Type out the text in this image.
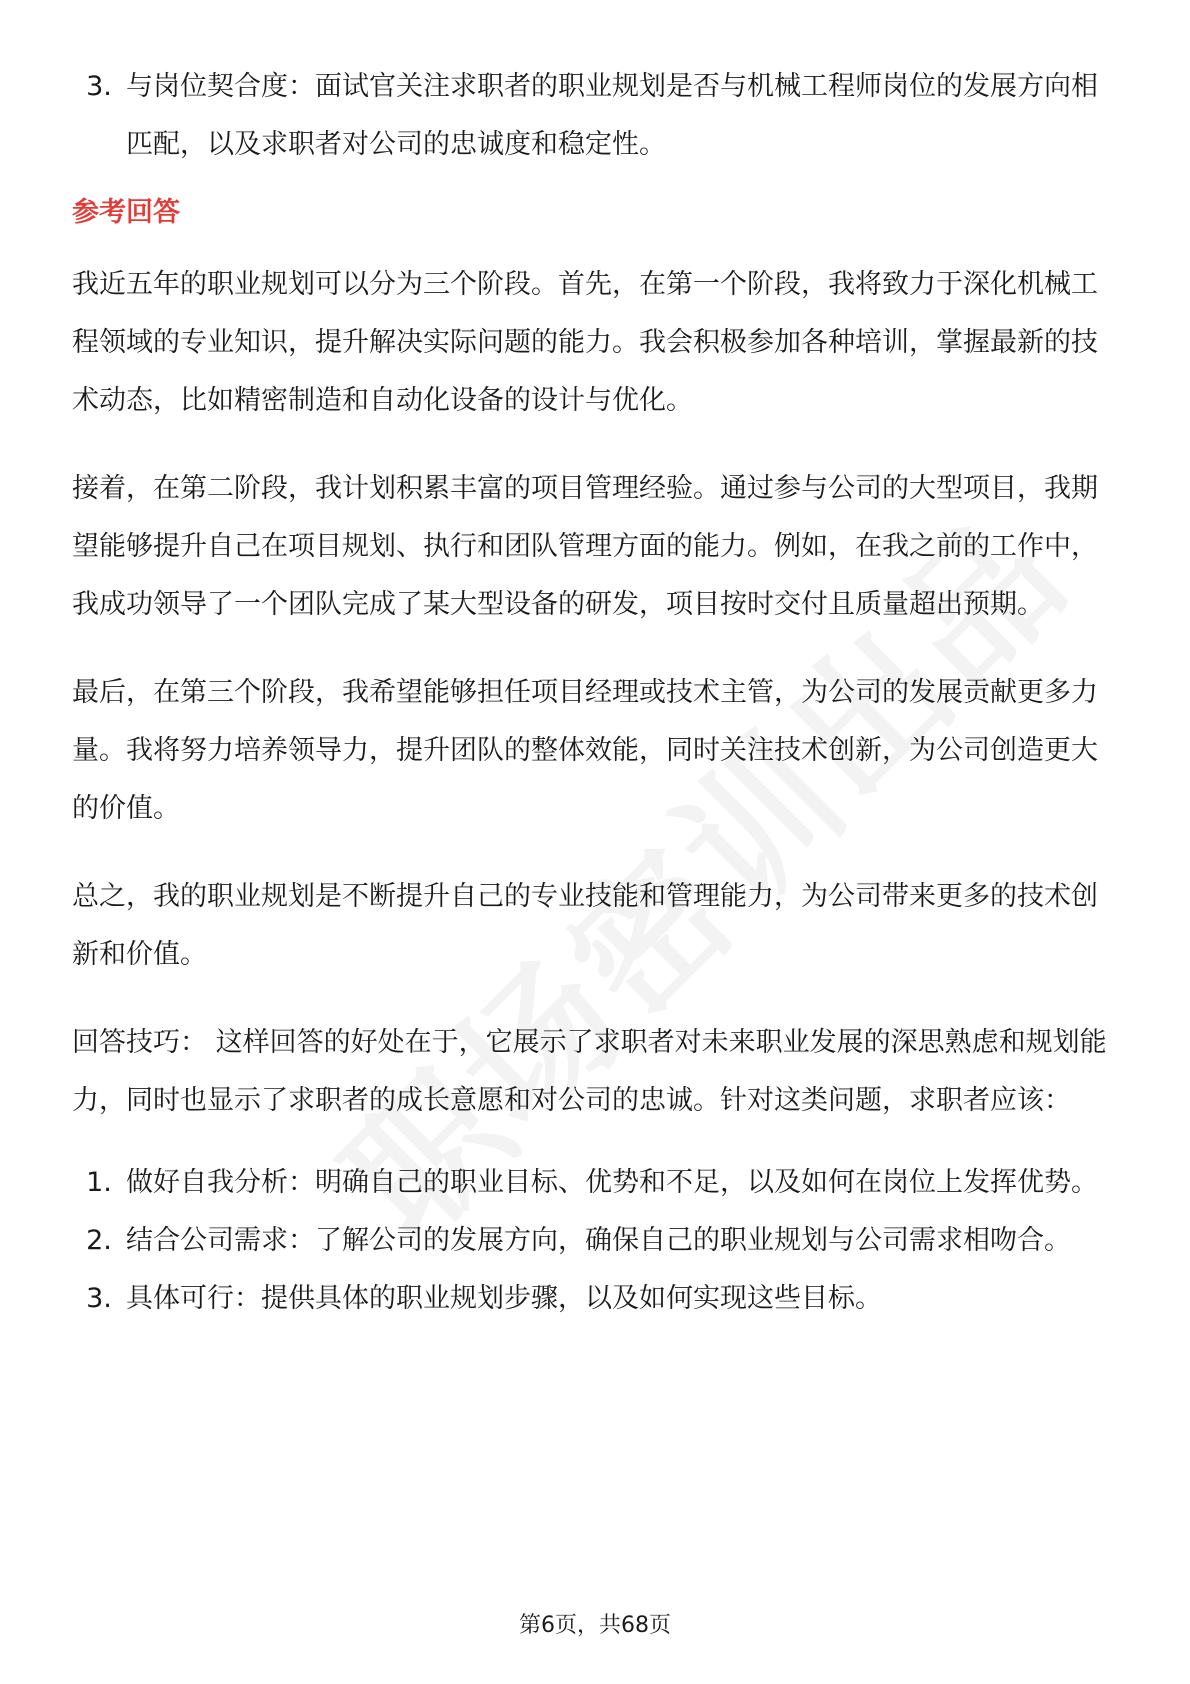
3. 与岗位契合度：面试官关注求职者的职业规划是否与机械工程师岗位的发展方向相匹配，以及求职者对公司的忠诚度和稳定性。
参考回答
我近五年的职业规划可以分为三个阶段。首先，在第一个阶段，我将致力于深化机械工程领域的专业知识，提升解决实际问题的能力。我会积极参加各种培训，掌握最新的技术动态，比如精密制造和自动化设备的设计与优化。
接着，在第二阶段，我计划积累丰富的项目管理经验。通过参与公司的大型项目，我期望能够提升自己在项目规划、执行和团队管理方面的能力。例如，在我之前的工作中，我成功领导了一个团队完成了某大型设备的研发，项目按时交付且质量超出预期。
最后，在第三个阶段，我希望能够担任项目经理或技术主管，为公司的发展贡献更多力量。我将努力培养领导力，提升团队的整体效能，同时关注技术创新，为公司创造更大的价值。
总之，我的职业规划是不断提升自己的专业技能和管理能力，为公司带来更多的技术创新和价值。
回答技巧： 这样回答的好处在于，它展示了求职者对未来职业发展的深思熟虑和规划能力，同时也显示了求职者的成长意愿和对公司的忠诚。针对这类问题，求职者应该：
1. 做好自我分析：明确自己的职业目标、优势和不足，以及如何在岗位上发挥优势。
2. 结合公司需求：了解公司的发展方向，确保自己的职业规划与公司需求相吻合。
3. 具体可行：提供具体的职业规划步骤，以及如何实现这些目标。
第6页，共68页
